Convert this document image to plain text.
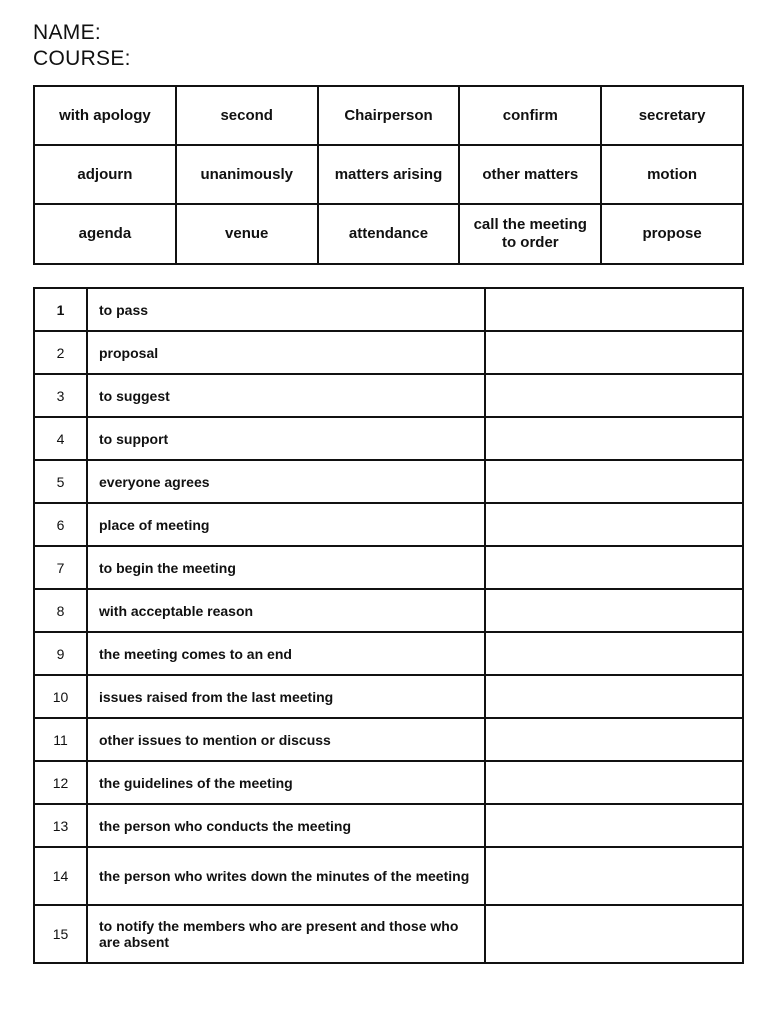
NAME:
COURSE:
with apology	second	Chairperson	confirm	secretary
adjourn	unanimously	matters arising	other matters	motion
agenda	venue	attendance	call the meeting to order	propose
1	to pass	
2	proposal	
3	to suggest	
4	to support	
5	everyone agrees	
6	place of meeting	
7	to begin the meeting	
8	with acceptable reason	
9	the meeting comes to an end	
10	issues raised from the last meeting	
11	other issues to mention or discuss	
12	the guidelines of the meeting	
13	the person who conducts the meeting	
14	the person who writes down the minutes of the meeting	
15	to notify the members who are present and those who are absent	
